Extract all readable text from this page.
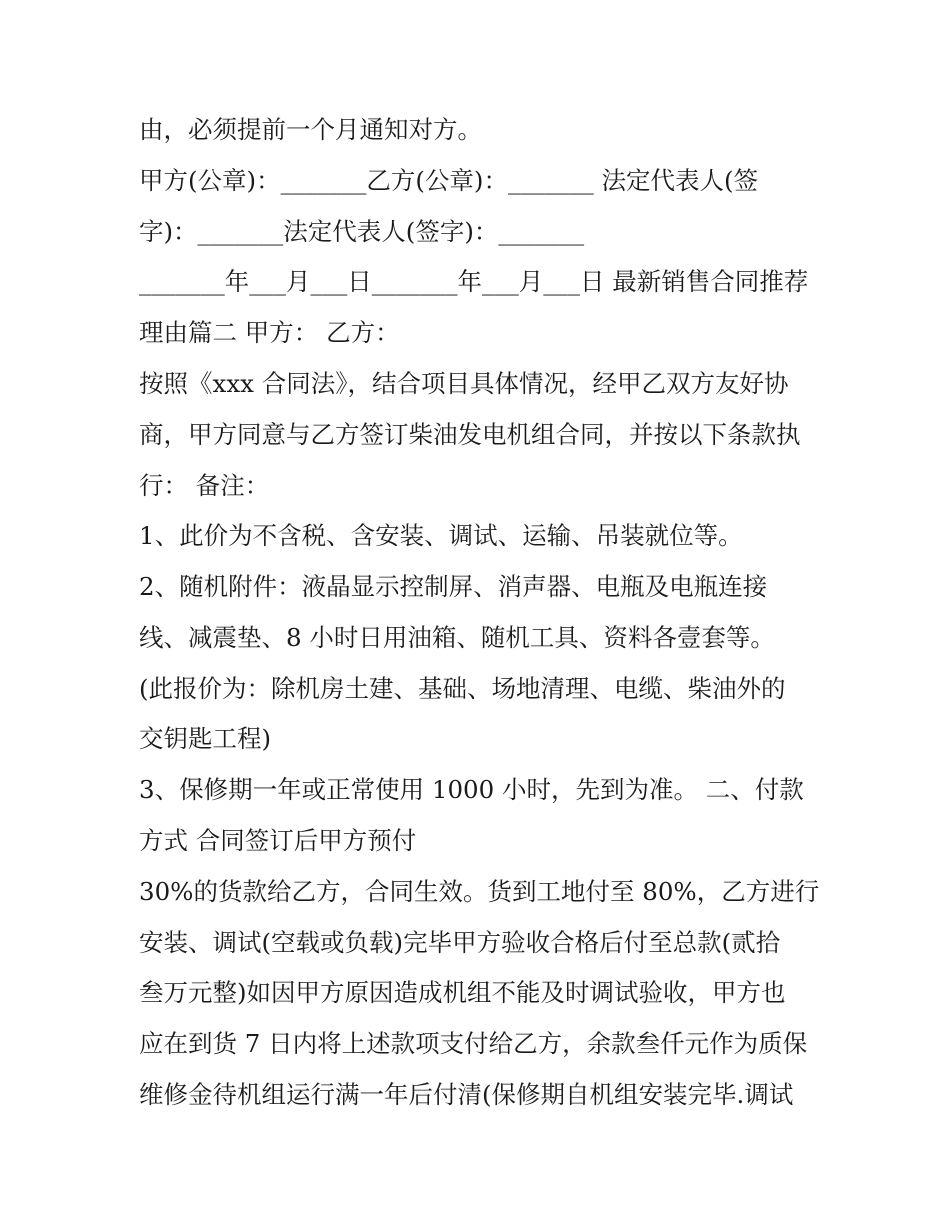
由，必须提前一个月通知对方。
甲方(公章)：_______乙方(公章)：_______ 法定代表人(签
字)：_______法定代表人(签字)：_______
_______年___月___日_______年___月___日 最新销售合同推荐
理由篇二 甲方： 乙方：
按照《xxx 合同法》，结合项目具体情况，经甲乙双方友好协
商，甲方同意与乙方签订柴油发电机组合同，并按以下条款执
行： 备注：
1、此价为不含税、含安装、调试、运输、吊装就位等。
2、随机附件：液晶显示控制屏、消声器、电瓶及电瓶连接
线、减震垫、8 小时日用油箱、随机工具、资料各壹套等。
(此报价为：除机房土建、基础、场地清理、电缆、柴油外的
交钥匙工程)
3、保修期一年或正常使用 1000 小时，先到为准。 二、付款
方式 合同签订后甲方预付
30%的货款给乙方，合同生效。货到工地付至 80%，乙方进行
安装、调试(空载或负载)完毕甲方验收合格后付至总款(贰拾
叁万元整)如因甲方原因造成机组不能及时调试验收，甲方也
应在到货 7 日内将上述款项支付给乙方，余款叁仟元作为质保
维修金待机组运行满一年后付清(保修期自机组安装完毕.调试
